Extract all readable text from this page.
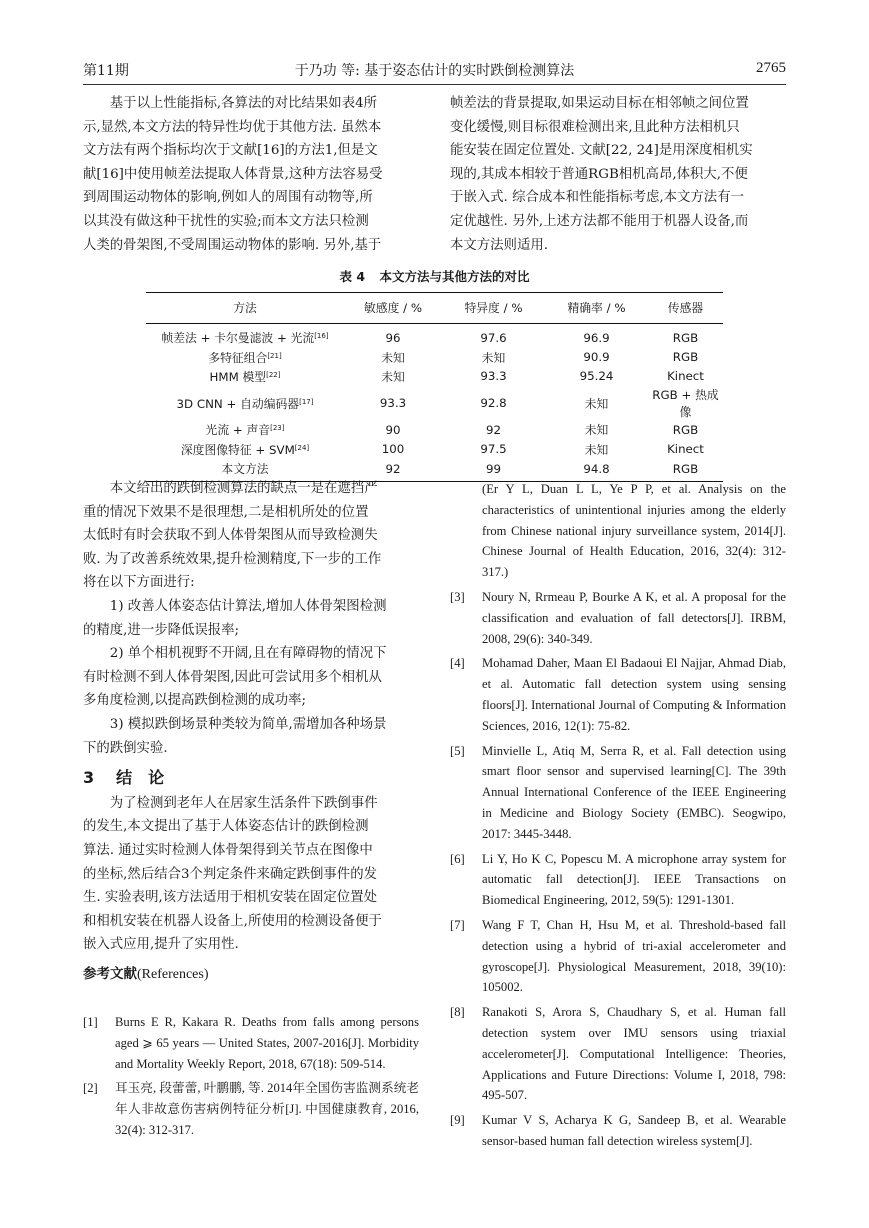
第11期	于乃功 等: 基于姿态估计的实时跌倒检测算法	2765

基于以上性能指标,各算法的对比结果如表4所
示,显然,本文方法的特异性均优于其他方法. 虽然本
文方法有两个指标均次于文献[16]的方法1,但是文
献[16]中使用帧差法提取人体背景,这种方法容易受
到周围运动物体的影响,例如人的周围有动物等,所
以其没有做这种干扰性的实验;而本文方法只检测
人类的骨架图,不受周围运动物体的影响. 另外,基于

帧差法的背景提取,如果运动目标在相邻帧之间位置
变化缓慢,则目标很难检测出来,且此种方法相机只
能安装在固定位置处. 文献[22, 24]是用深度相机实
现的,其成本相较于普通RGB相机高昂,体积大,不便
于嵌入式. 综合成本和性能指标考虑,本文方法有一
定优越性. 另外,上述方法都不能用于机器人设备,而
本文方法则适用.

表 4 本文方法与其他方法的对比
方法	敏感度 / %	特异度 / %	精确率 / %	传感器
帧差法 + 卡尔曼滤波 + 光流[16]	96	97.6	96.9	RGB
多特征组合[21]	未知	未知	90.9	RGB
HMM 模型[22]	未知	93.3	95.24	Kinect
3D CNN + 自动编码器[17]	93.3	92.8	未知	RGB + 热成像
光流 + 声音[23]	90	92	未知	RGB
深度图像特征 + SVM[24]	100	97.5	未知	Kinect
本文方法	92	99	94.8	RGB

本文给出的跌倒检测算法的缺点一是在遮挡严
重的情况下效果不是很理想,二是相机所处的位置
太低时有时会获取不到人体骨架图从而导致检测失
败. 为了改善系统效果,提升检测精度,下一步的工作
将在以下方面进行:

1) 改善人体姿态估计算法,增加人体骨架图检测
的精度,进一步降低误报率;

2) 单个相机视野不开阔,且在有障碍物的情况下
有时检测不到人体骨架图,因此可尝试用多个相机从
多角度检测,以提高跌倒检测的成功率;

3) 模拟跌倒场景种类较为简单,需增加各种场景
下的跌倒实验.

3 结　论

为了检测到老年人在居家生活条件下跌倒事件
的发生,本文提出了基于人体姿态估计的跌倒检测
算法. 通过实时检测人体骨架得到关节点在图像中
的坐标,然后结合3个判定条件来确定跌倒事件的发
生. 实验表明,该方法适用于相机安装在固定位置处
和相机安装在机器人设备上,所使用的检测设备便于
嵌入式应用,提升了实用性.

参考文献(References)
[1] Burns E R, Kakara R. Deaths from falls among persons aged ⩾ 65 years — United States, 2007-2016[J]. Morbidity and Mortality Weekly Report, 2018, 67(18): 509-514.
[2] 耳玉亮, 段蕾蕾, 叶鹏鹏, 等. 2014年全国伤害监测系统老年人非故意伤害病例特征分析[J]. 中国健康教育, 2016, 32(4): 312-317.
(Er Y L, Duan L L, Ye P P, et al. Analysis on the characteristics of unintentional injuries among the elderly from Chinese national injury surveillance system, 2014[J]. Chinese Journal of Health Education, 2016, 32(4): 312-317.)
[3] Noury N, Rrmeau P, Bourke A K, et al. A proposal for the classification and evaluation of fall detectors[J]. IRBM, 2008, 29(6): 340-349.
[4] Mohamad Daher, Maan El Badaoui El Najjar, Ahmad Diab, et al. Automatic fall detection system using sensing floors[J]. International Journal of Computing & Information Sciences, 2016, 12(1): 75-82.
[5] Minvielle L, Atiq M, Serra R, et al. Fall detection using smart floor sensor and supervised learning[C]. The 39th Annual International Conference of the IEEE Engineering in Medicine and Biology Society (EMBC). Seogwipo, 2017: 3445-3448.
[6] Li Y, Ho K C, Popescu M. A microphone array system for automatic fall detection[J]. IEEE Transactions on Biomedical Engineering, 2012, 59(5): 1291-1301.
[7] Wang F T, Chan H, Hsu M, et al. Threshold-based fall detection using a hybrid of tri-axial accelerometer and gyroscope[J]. Physiological Measurement, 2018, 39(10): 105002.
[8] Ranakoti S, Arora S, Chaudhary S, et al. Human fall detection system over IMU sensors using triaxial accelerometer[J]. Computational Intelligence: Theories, Applications and Future Directions: Volume I, 2018, 798: 495-507.
[9] Kumar V S, Acharya K G, Sandeep B, et al. Wearable sensor-based human fall detection wireless system[J].
